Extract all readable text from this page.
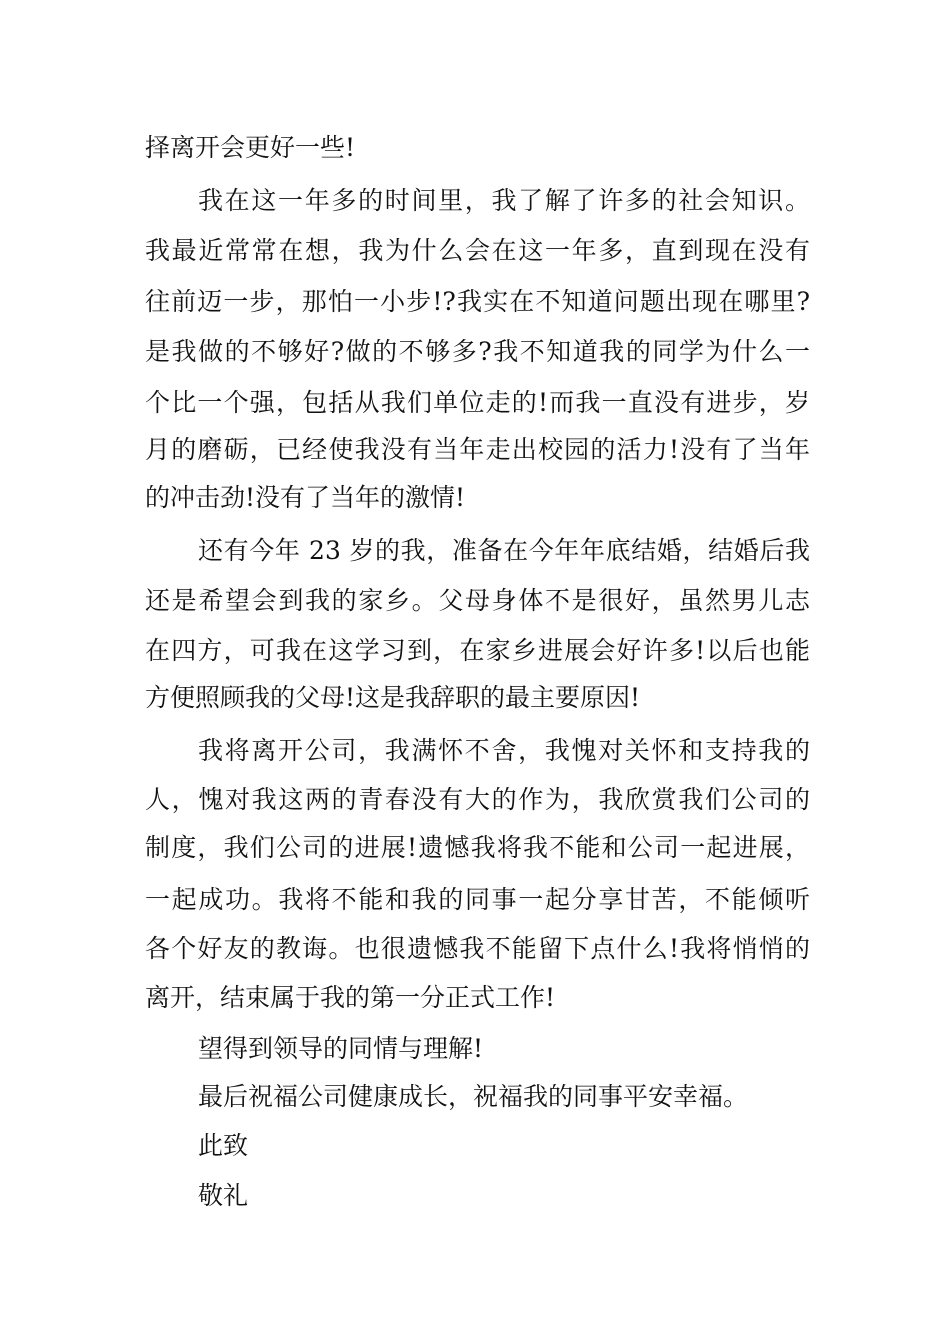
择离开会更好一些!
我在这一年多的时间里，我了解了许多的社会知识。
我最近常常在想，我为什么会在这一年多，直到现在没有
往前迈一步，那怕一小步!?我实在不知道问题出现在哪里?
是我做的不够好?做的不够多?我不知道我的同学为什么一
个比一个强，包括从我们单位走的!而我一直没有进步，岁
月的磨砺，已经使我没有当年走出校园的活力!没有了当年
的冲击劲!没有了当年的激情!
还有今年 23 岁的我，准备在今年年底结婚，结婚后我
还是希望会到我的家乡。父母身体不是很好，虽然男儿志
在四方，可我在这学习到，在家乡进展会好许多!以后也能
方便照顾我的父母!这是我辞职的最主要原因!
我将离开公司，我满怀不舍，我愧对关怀和支持我的
人，愧对我这两的青春没有大的作为，我欣赏我们公司的
制度，我们公司的进展!遗憾我将我不能和公司一起进展，
一起成功。我将不能和我的同事一起分享甘苦，不能倾听
各个好友的教诲。也很遗憾我不能留下点什么!我将悄悄的
离开，结束属于我的第一分正式工作!
望得到领导的同情与理解!
最后祝福公司健康成长，祝福我的同事平安幸福。
此致
敬礼
